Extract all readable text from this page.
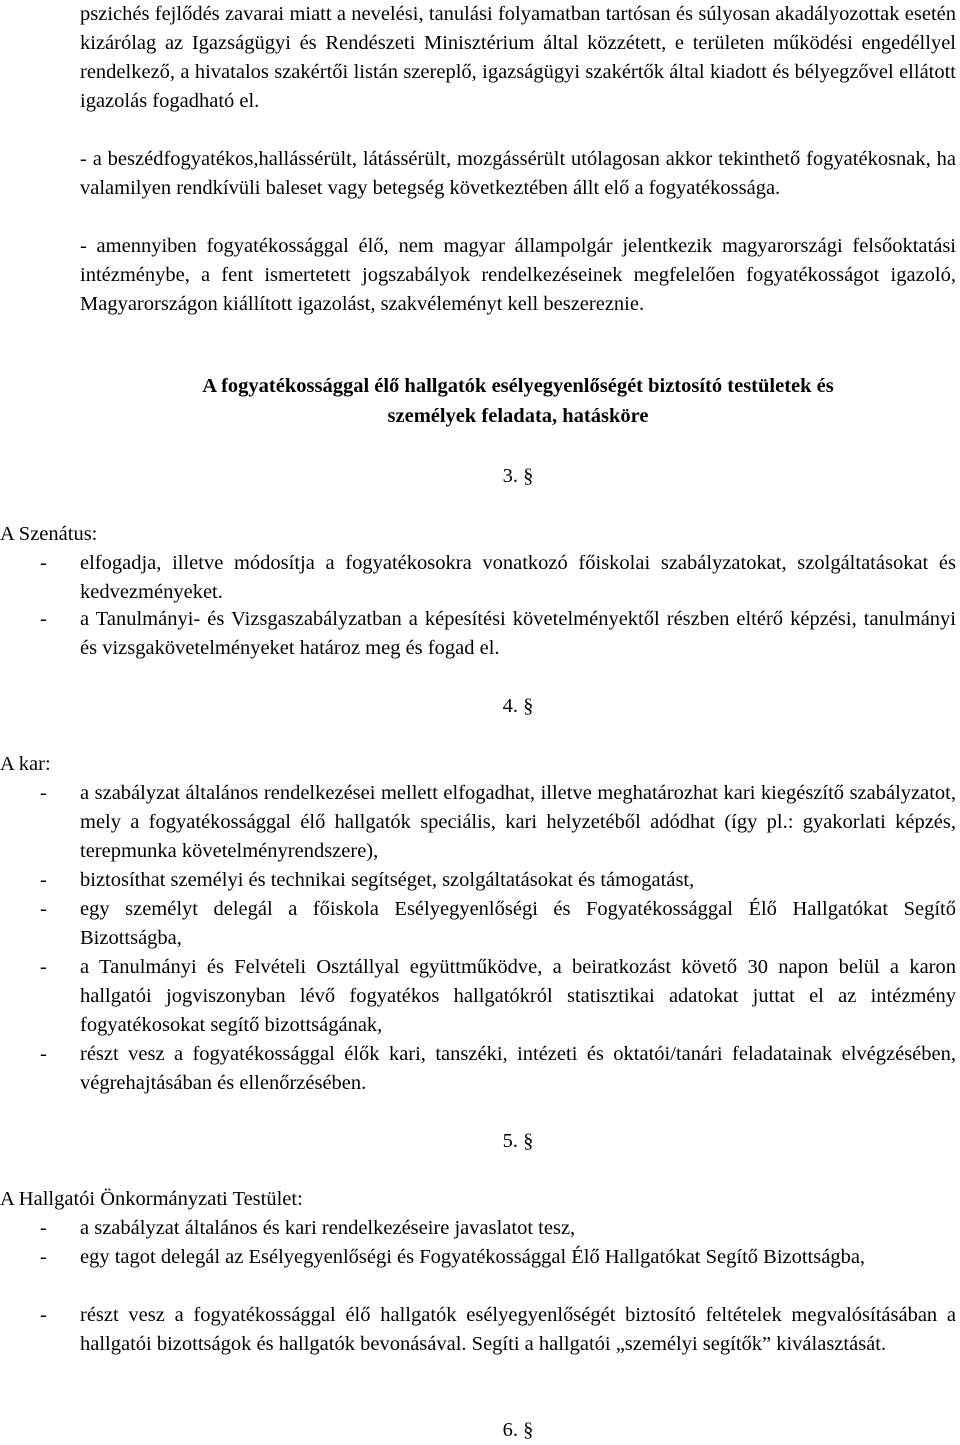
pszichés fejlődés zavarai miatt a nevelési, tanulási folyamatban tartósan és súlyosan akadályozottak esetén kizárólag az Igazságügyi és Rendészeti Minisztérium által közzétett, e területen működési engedéllyel rendelkező, a hivatalos szakértői listán szereplő, igazságügyi szakértők által kiadott és bélyegzővel ellátott igazolás fogadható el.

- a beszédfogyatékos,hallássérült, látássérült, mozgássérült utólagosan akkor tekinthető fogyatékosnak, ha valamilyen rendkívüli baleset vagy betegség következtében állt elő a fogyatékossága.

- amennyiben fogyatékossággal élő, nem magyar állampolgár jelentkezik magyarországi felsőoktatási intézménybe, a fent ismertetett jogszabályok rendelkezéseinek megfelelően fogyatékosságot igazoló, Magyarországon kiállított igazolást, szakvéleményt kell beszereznie.

A fogyatékossággal élő hallgatók esélyegyenlőségét biztosító testületek és

személyek feladata, hatásköre

3. §

A Szenátus:

- elfogadja, illetve módosítja a fogyatékosokra vonatkozó főiskolai szabályzatokat, szolgáltatásokat és kedvezményeket.

- a Tanulmányi- és Vizsgaszabályzatban a képesítési követelményektől részben eltérő képzési, tanulmányi és vizsgakövetelményeket határoz meg és fogad el.

4. §

A kar:

- a szabályzat általános rendelkezései mellett elfogadhat, illetve meghatározhat kari kiegészítő szabályzatot, mely a fogyatékossággal élő hallgatók speciális, kari helyzetéből adódhat (így pl.: gyakorlati képzés, terepmunka követelményrendszere),

- biztosíthat személyi és technikai segítséget, szolgáltatásokat és támogatást,

- egy személyt delegál a főiskola Esélyegyenlőségi és Fogyatékossággal Élő Hallgatókat Segítő Bizottságba,

- a Tanulmányi és Felvételi Osztállyal együttműködve, a beiratkozást követő 30 napon belül a karon hallgatói jogviszonyban lévő fogyatékos hallgatókról statisztikai adatokat juttat el az intézmény fogyatékosokat segítő bizottságának,

- részt vesz a fogyatékossággal élők kari, tanszéki, intézeti és oktatói/tanári feladatainak elvégzésében, végrehajtásában és ellenőrzésében.

5. §

A Hallgatói Önkormányzati Testület:

- a szabályzat általános és kari rendelkezéseire javaslatot tesz,

- egy tagot delegál az Esélyegyenlőségi és Fogyatékossággal Élő Hallgatókat Segítő Bizottságba,

- részt vesz a fogyatékossággal élő hallgatók esélyegyenlőségét biztosító feltételek megvalósításában a hallgatói bizottságok és hallgatók bevonásával. Segíti a hallgatói „személyi segítők” kiválasztását.

6. §
